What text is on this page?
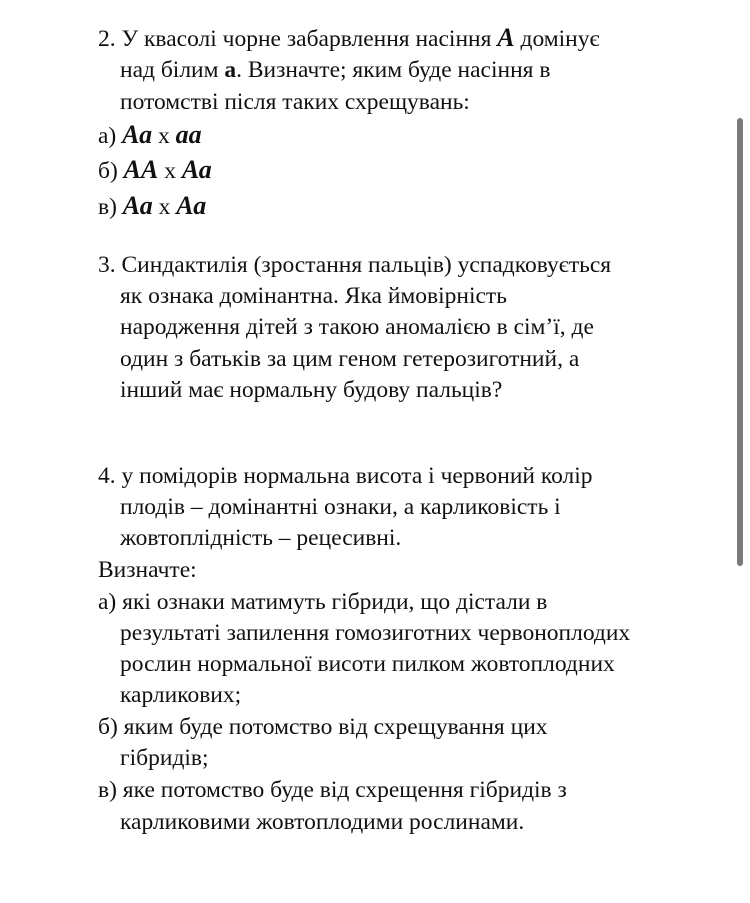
2. У квасолі чорне забарвлення насіння А домінує
над білим а. Визначте; яким буде насіння в
потомстві після таких схрещувань:
а) Аа х аа
б) АА х Аа
в) Аа х Аа
3. Синдактилія (зростання пальців) успадковується
як ознака домінантна. Яка ймовірність
народження дітей з такою аномалією в сім’ї, де
один з батьків за цим геном гетерозиготний, а
інший має нормальну будову пальців?
4. у помідорів нормальна висота і червоний колір
плодів – домінантні ознаки, а карликовість і
жовтоплідність – рецесивні.
Визначте:
а) які ознаки матимуть гібриди, що дістали в
результаті запилення гомозиготних червоноплодих
рослин нормальної висоти пилком жовтоплодних
карликових;
б) яким буде потомство від схрещування цих
гібридів;
в) яке потомство буде від схрещення гібридів з
карликовими жовтоплодими рослинами.
